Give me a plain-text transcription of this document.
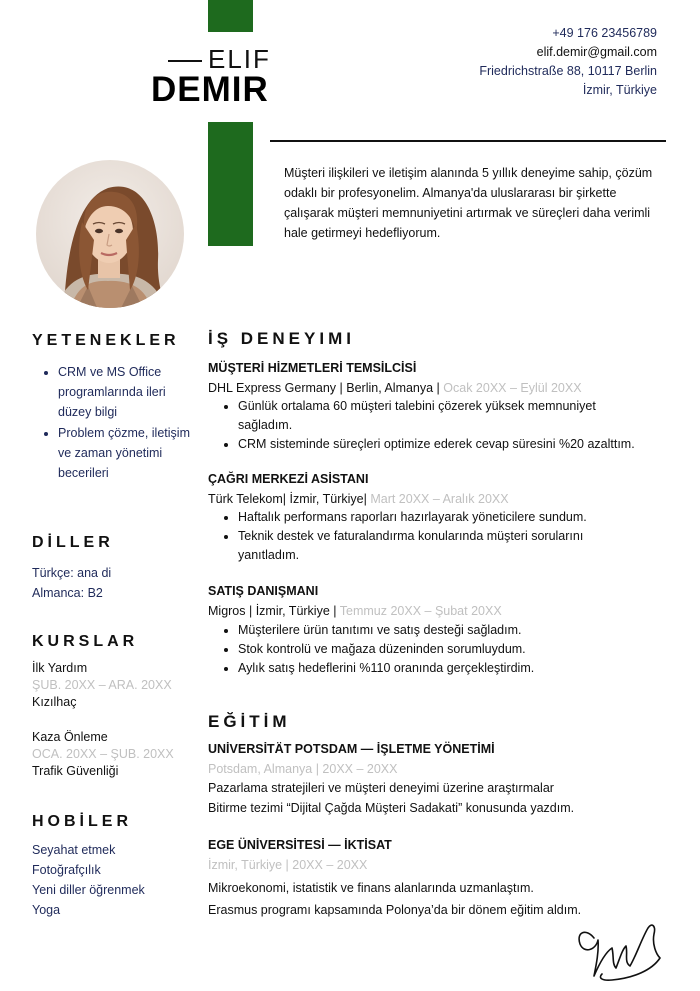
ELIF
DEMIR
+49 176 23456789
elif.demir@gmail.com
Friedrichstraße 88, 10117 Berlin
İzmir, Türkiye
Müşteri ilişkileri ve iletişim alanında 5 yıllık deneyime sahip, çözüm odaklı bir profesyonelim. Almanya'da uluslararası bir şirkette çalışarak müşteri memnuniyetini artırmak ve süreçleri daha verimli hale getirmeyi hedefliyorum.
YETENEKLER
• CRM ve MS Office programlarında ileri düzey bilgi
• Problem çözme, iletişim ve zaman yönetimi becerileri
DİLLER
Türkçe: ana di
Almanca: B2
KURSLAR
İlk Yardım
ŞUB. 20XX – ARA. 20XX
Kızılhaç
Kaza Önleme
OCA. 20XX – ŞUB. 20XX
Trafik Güvenliği
HOBİLER
Seyahat etmek
Fotoğrafçılık
Yeni diller öğrenmek
Yoga
İŞ DENEYIMI
MÜŞTERİ HİZMETLERİ TEMSİLCİSİ
DHL Express Germany | Berlin, Almanya | Ocak 20XX – Eylül 20XX
• Günlük ortalama 60 müşteri talebini çözerek yüksek memnuniyet sağladım.
• CRM sisteminde süreçleri optimize ederek cevap süresini %20 azalttım.
ÇAĞRI MERKEZİ ASİSTANI
Türk Telekom| İzmir, Türkiye| Mart 20XX – Aralık 20XX
• Haftalık performans raporları hazırlayarak yöneticilere sundum.
• Teknik destek ve faturalandırma konularında müşteri sorularını yanıtladım.
SATIŞ DANIŞMANI
Migros | İzmir, Türkiye | Temmuz 20XX – Şubat 20XX
• Müşterilere ürün tanıtımı ve satış desteği sağladım.
• Stok kontrolü ve mağaza düzeninden sorumluydum.
• Aylık satış hedeflerini %110 oranında gerçekleştirdim.
EĞİTİM
UNİVERSİTÄT POTSDAM — İŞLETME YÖNETİMİ
Potsdam, Almanya | 20XX – 20XX
Pazarlama stratejileri ve müşteri deneyimi üzerine araştırmalar
Bitirme tezimi “Dijital Çağda Müşteri Sadakati” konusunda yazdım.
EGE ÜNİVERSİTESİ — İKTİSAT
İzmir, Türkiye | 20XX – 20XX
Mikroekonomi, istatistik ve finans alanlarında uzmanlaştım.
Erasmus programı kapsamında Polonya’da bir dönem eğitim aldım.
